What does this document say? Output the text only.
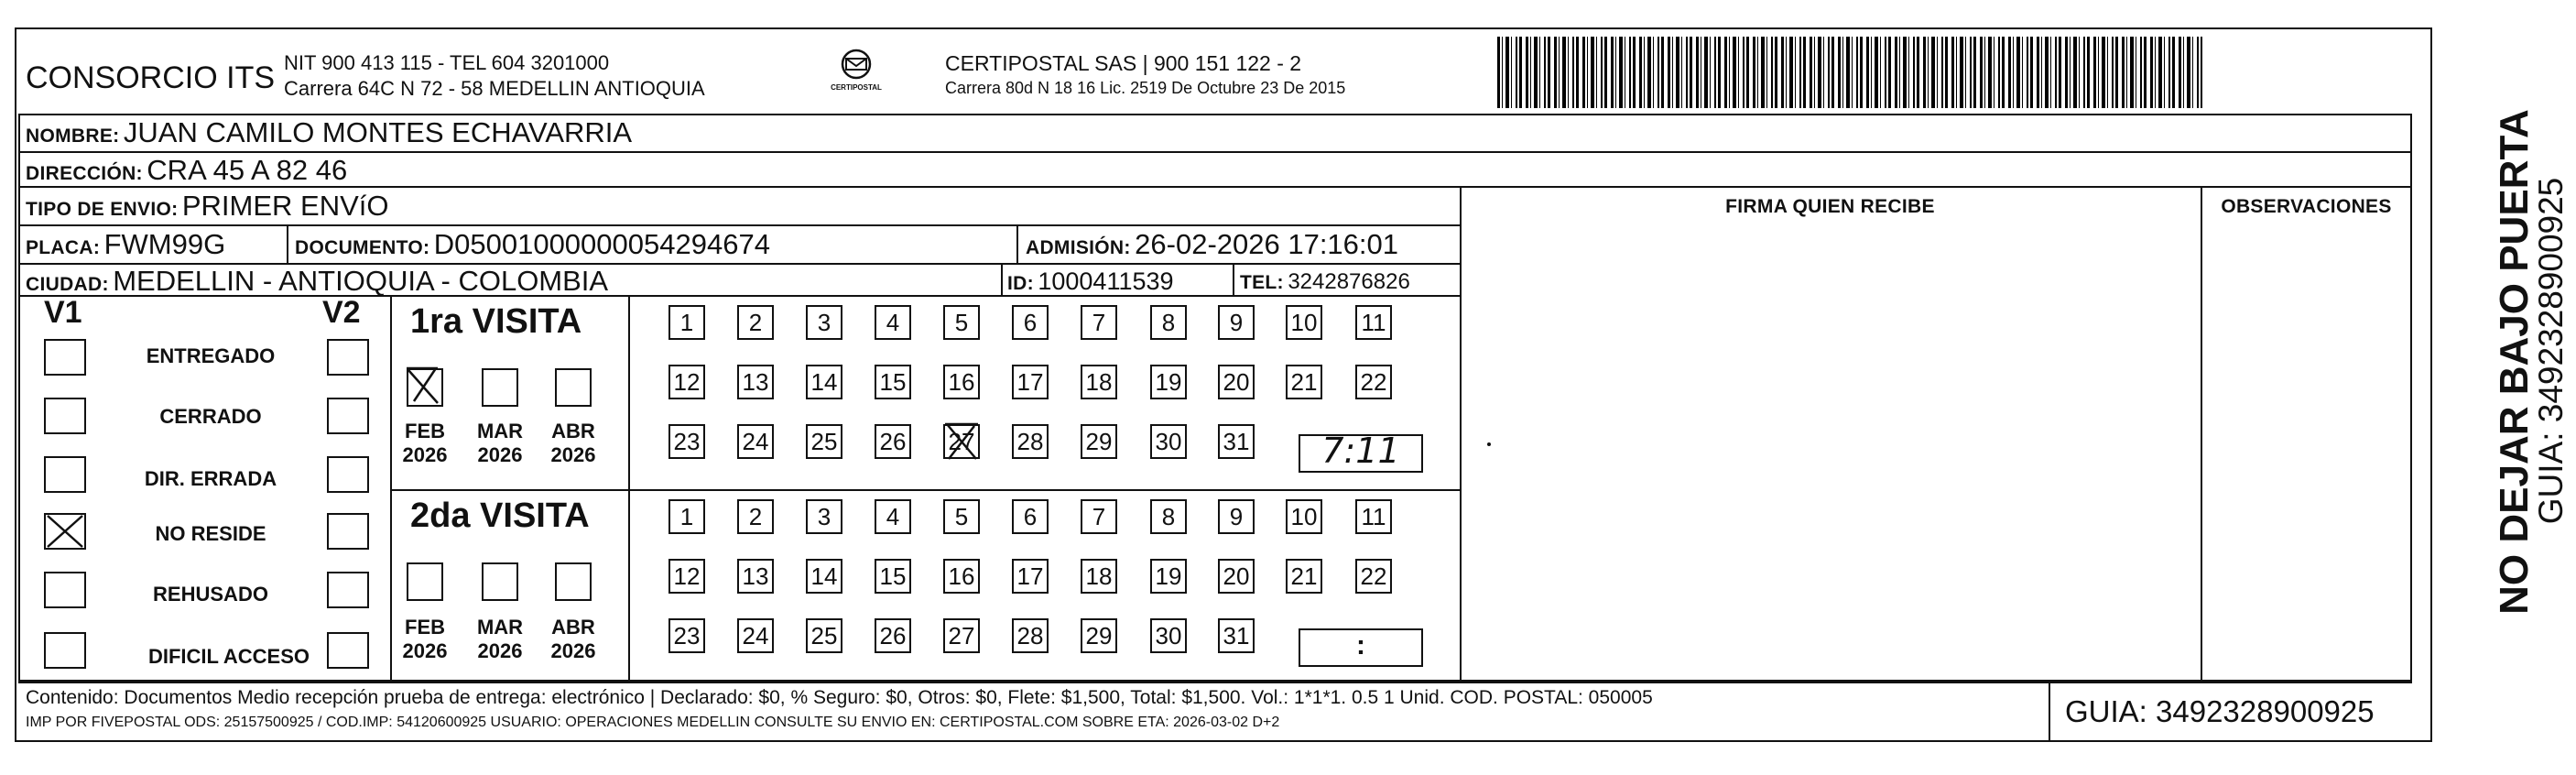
CONSORCIO ITS NIT 900 413 115 - TEL 604 3201000
Carrera 64C N 72 - 58 MEDELLIN ANTIOQUIA	CERTIPOSTAL
CERTIPOSTAL SAS | 900 151 122 - 2
Carrera 80d N 18 16 Lic. 2519 De Octubre 23 De 2015
NOMBRE: JUAN CAMILO MONTES ECHAVARRIA
DIRECCIÓN: CRA 45 A 82 46
TIPO DE ENVIO: PRIMER ENVíO	FIRMA QUIEN RECIBE	OBSERVACIONES
PLACA: FWM99G	DOCUMENTO: D05001000000054294674	ADMISIÓN: 26-02-2026 17:16:01
CIUDAD: MEDELLIN - ANTIOQUIA - COLOMBIA	ID: 1000411539	TEL: 3242876826
V1	V2
ENTREGADO
CERRADO
DIR. ERRADA
NO RESIDE
REHUSADO
DIFICIL ACCESO
1ra VISITA
FEB
2026
MAR
2026
ABR
2026
1	2	3	4	5	6	7	8	9	10 11
12 13 14 15 16 17 18 19 20 21 22
23 24 25 26 27 28 29 30 31	7:11
2da VISITA
FEB
2026
MAR
2026
ABR
2026
1	2	3	4	5	6	7	8	9	10 11
12 13 14 15 16 17 18 19 20 21 22
23 24 25 26 27 28 29 30 31	:
Contenido: Documentos Medio recepción prueba de entrega: electrónico | Declarado: $0, % Seguro: $0, Otros: $0, Flete: $1,500, Total: $1,500. Vol.: 1*1*1. 0.5 1 Unid. COD. POSTAL: 050005
IMP POR FIVEPOSTAL ODS: 25157500925 / COD.IMP: 54120600925 USUARIO: OPERACIONES MEDELLIN CONSULTE SU ENVIO EN: CERTIPOSTAL.COM SOBRE ETA: 2026-03-02 D+2	GUIA: 3492328900925
NO DEJAR BAJO PUERTA
GUIA: 3492328900925
